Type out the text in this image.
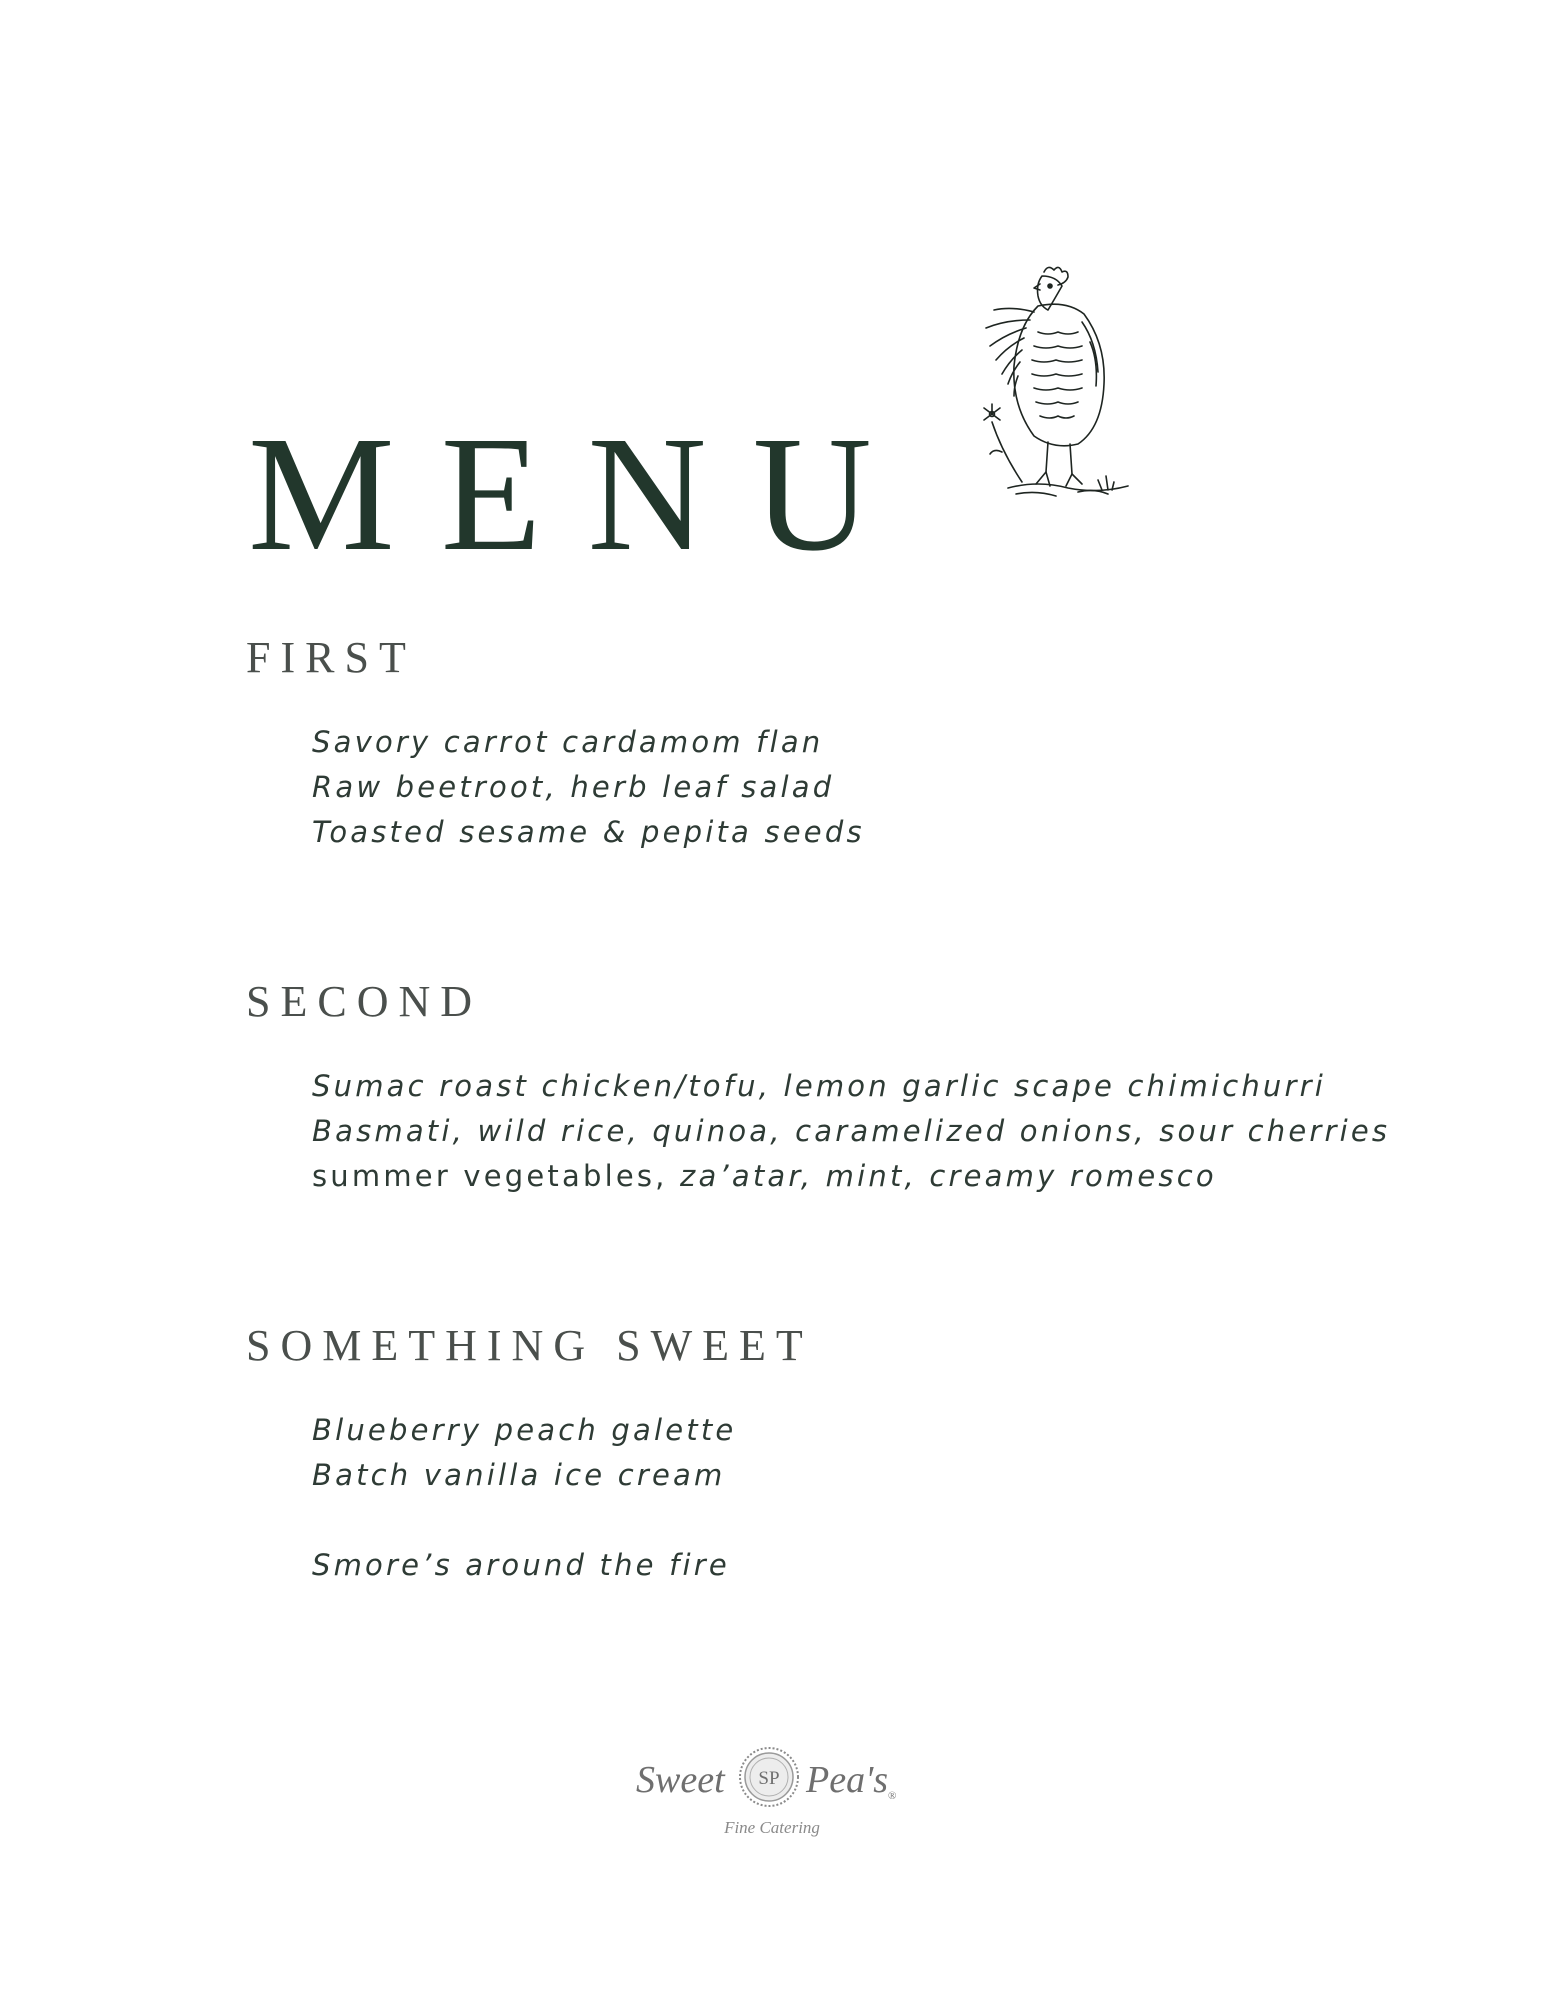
MENU
FIRST
Savory carrot cardamom flan
Raw beetroot, herb leaf salad
Toasted sesame & pepita seeds
SECOND
Sumac roast chicken/tofu, lemon garlic scape chimichurri
Basmati, wild rice, quinoa, caramelized onions, sour cherries
summer vegetables, za’atar, mint, creamy romesco
SOMETHING SWEET
Blueberry peach galette
Batch vanilla ice cream
Smore’s around the fire
Sweet SP Pea's®
Fine Catering
